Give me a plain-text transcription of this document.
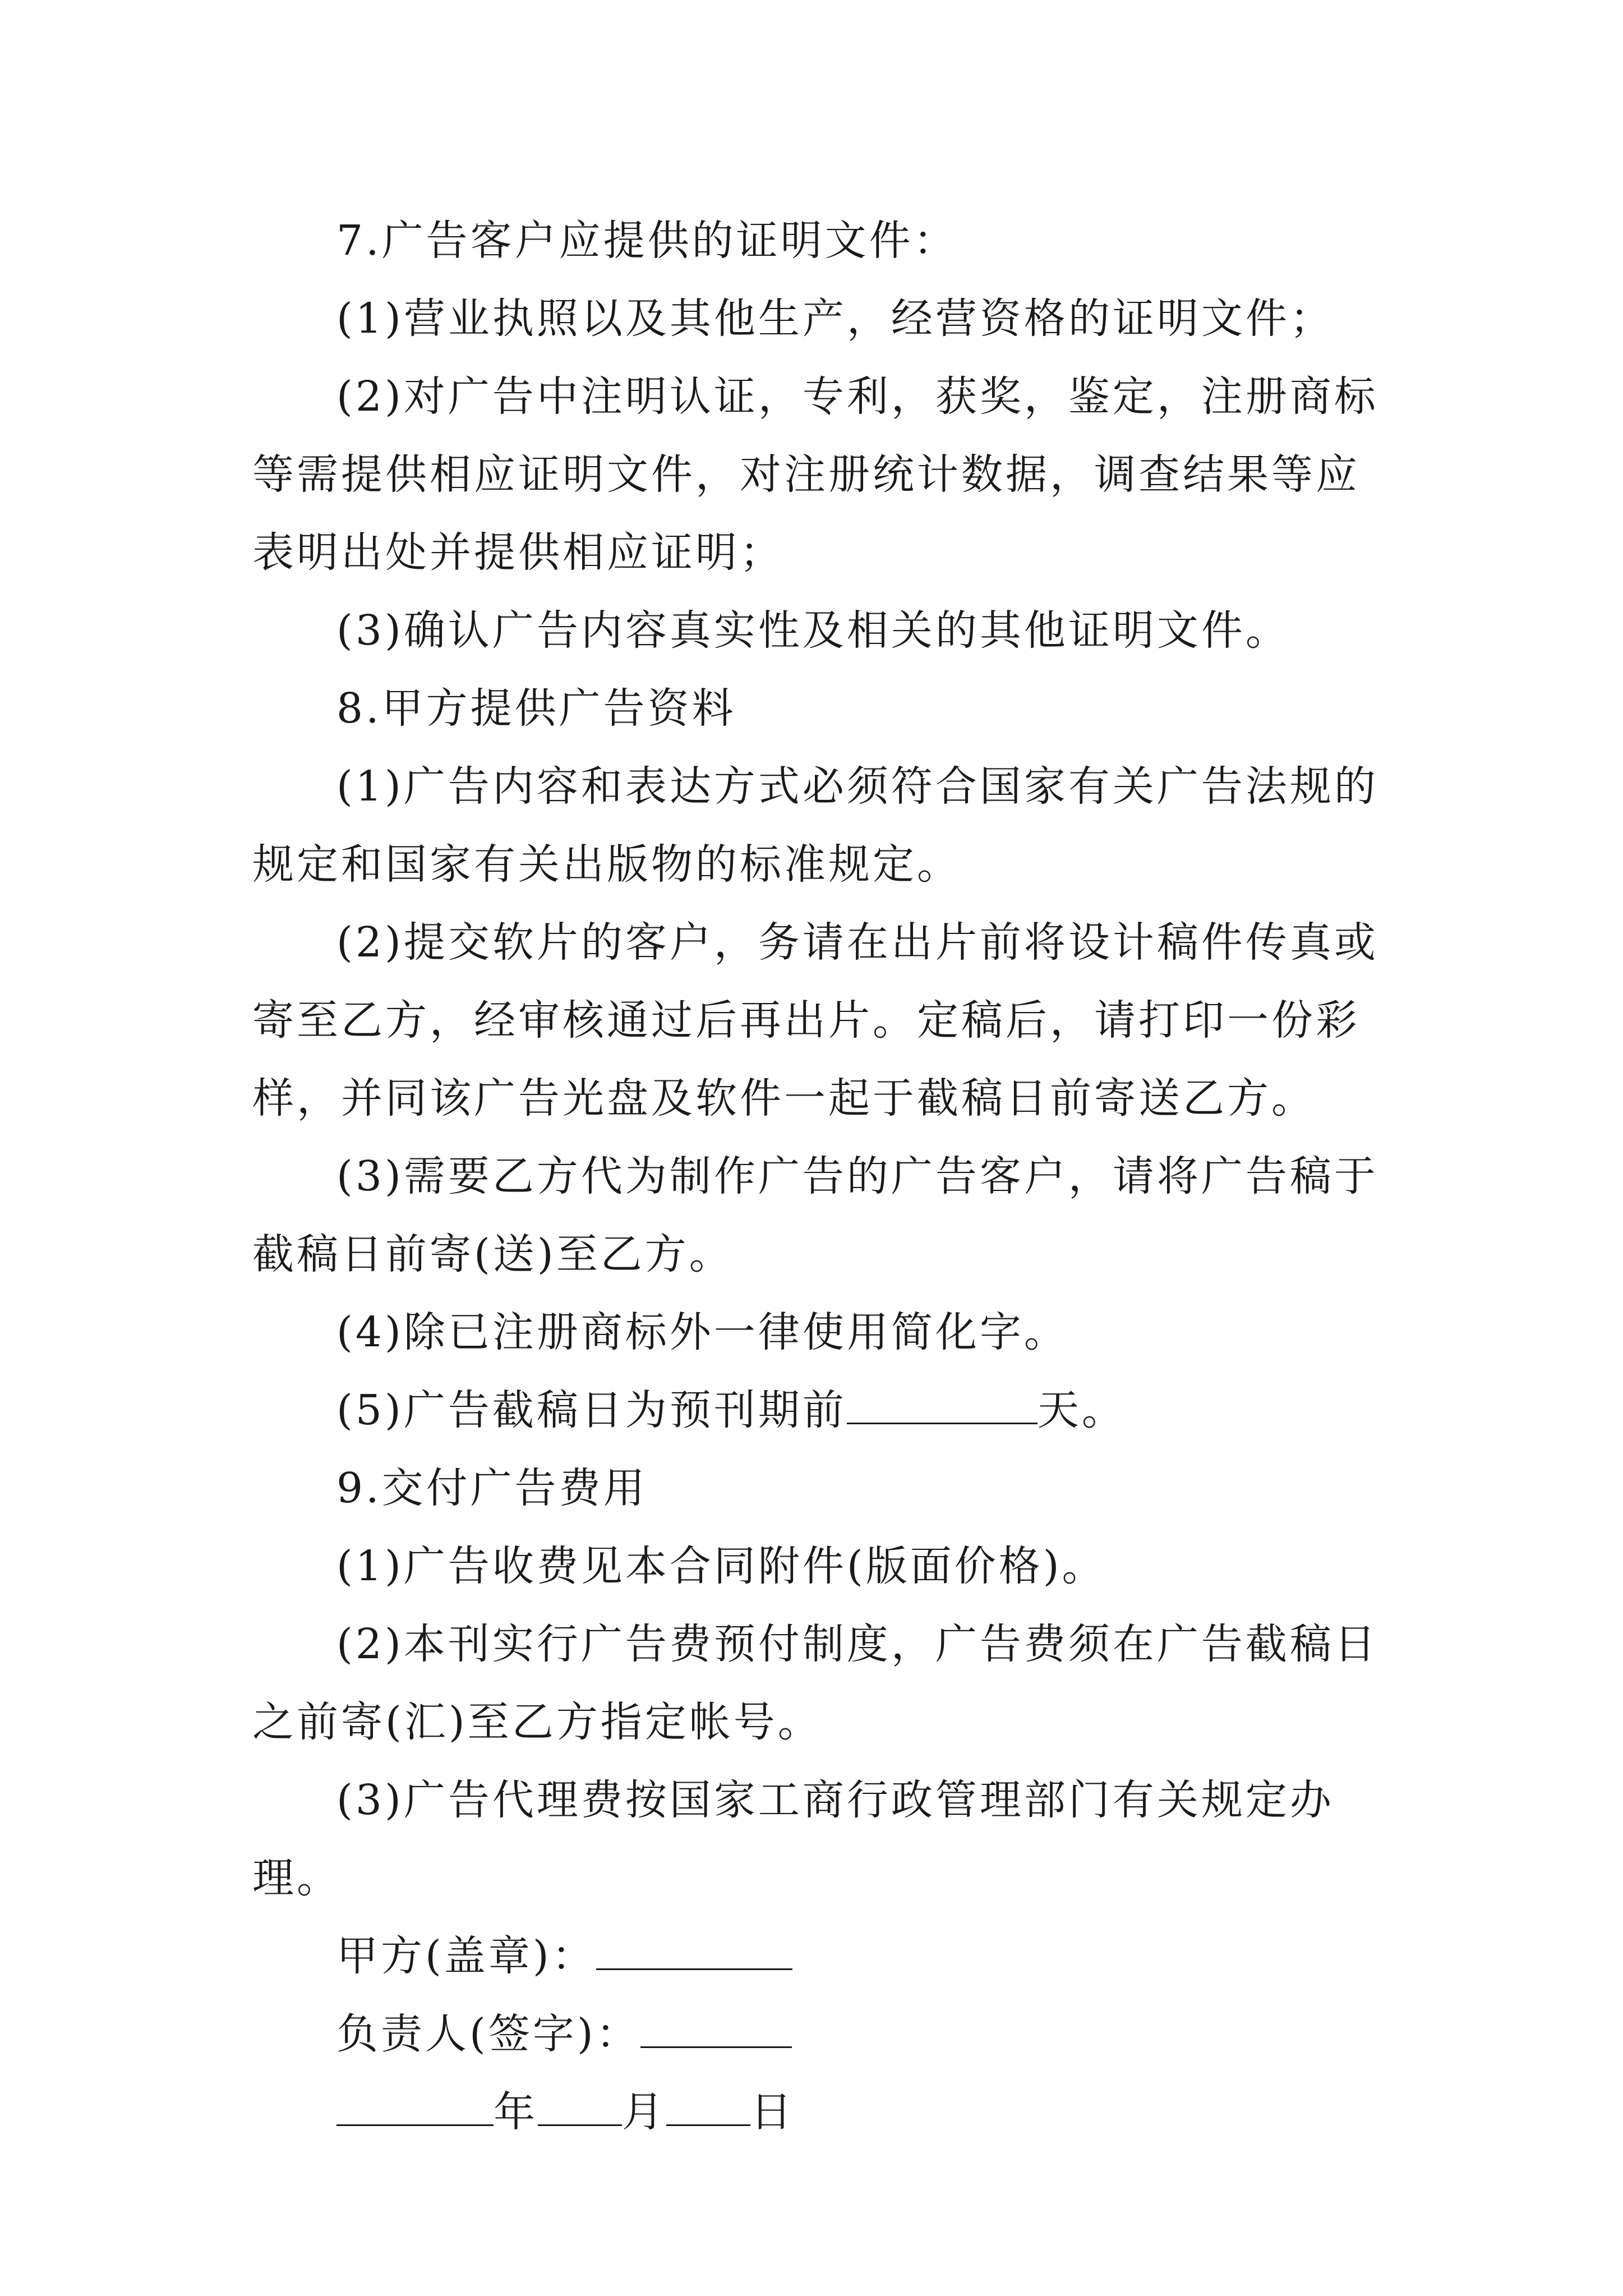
7.广告客户应提供的证明文件：

(1)营业执照以及其他生产，经营资格的证明文件；

(2)对广告中注明认证，专利，获奖，鉴定，注册商标等需提供相应证明文件，对注册统计数据，调查结果等应表明出处并提供相应证明；

(3)确认广告内容真实性及相关的其他证明文件。

8.甲方提供广告资料

(1)广告内容和表达方式必须符合国家有关广告法规的规定和国家有关出版物的标准规定。

(2)提交软片的客户，务请在出片前将设计稿件传真或寄至乙方，经审核通过后再出片。定稿后，请打印一份彩样，并同该广告光盘及软件一起于截稿日前寄送乙方。

(3)需要乙方代为制作广告的广告客户，请将广告稿于截稿日前寄(送)至乙方。

(4)除已注册商标外一律使用简化字。

(5)广告截稿日为预刊期前	天。

9.交付广告费用

(1)广告收费见本合同附件(版面价格)。

(2)本刊实行广告费预付制度，广告费须在广告截稿日之前寄(汇)至乙方指定帐号。

(3)广告代理费按国家工商行政管理部门有关规定办理。

甲方(盖章)：

负责人(签字)：

年 月 日
